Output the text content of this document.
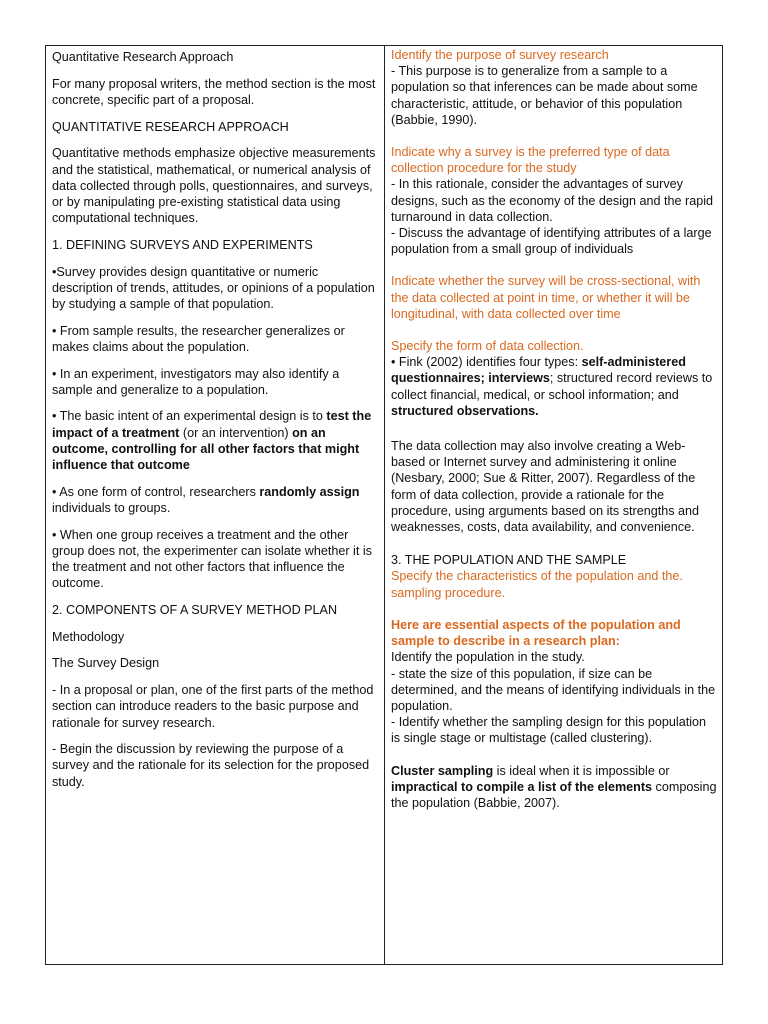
Quantitative Research Approach

For many proposal writers, the method section is the most concrete, specific part of a proposal.

QUANTITATIVE RESEARCH APPROACH

Quantitative methods emphasize objective measurements and the statistical, mathematical, or numerical analysis of data collected through polls, questionnaires, and surveys, or by manipulating pre-existing statistical data using computational techniques.

1. DEFINING SURVEYS AND EXPERIMENTS

•Survey provides design quantitative or numeric description of trends, attitudes, or opinions of a population by studying a sample of that population.

• From sample results, the researcher generalizes or makes claims about the population.

• In an experiment, investigators may also identify a sample and generalize to a population.

• The basic intent of an experimental design is to test the impact of a treatment (or an intervention) on an outcome, controlling for all other factors that might influence that outcome

• As one form of control, researchers randomly assign individuals to groups.

• When one group receives a treatment and the other group does not, the experimenter can isolate whether it is the treatment and not other factors that influence the outcome.

2. COMPONENTS OF A SURVEY METHOD PLAN

Methodology

The Survey Design

- In a proposal or plan, one of the first parts of the method section can introduce readers to the basic purpose and rationale for survey research.

- Begin the discussion by reviewing the purpose of a survey and the rationale for its selection for the proposed study.

Identify the purpose of survey research

- This purpose is to generalize from a sample to a population so that inferences can be made about some characteristic, attitude, or behavior of this population (Babbie, 1990).

Indicate why a survey is the preferred type of data collection procedure for the study

- In this rationale, consider the advantages of survey designs, such as the economy of the design and the rapid turnaround in data collection.

- Discuss the advantage of identifying attributes of a large population from a small group of individuals

Indicate whether the survey will be cross-sectional, with the data collected at point in time, or whether it will be longitudinal, with data collected over time

Specify the form of data collection.

• Fink (2002) identifies four types: self-administered questionnaires; interviews; structured record reviews to collect financial, medical, or school information; and structured observations.

The data collection may also involve creating a Web-based or Internet survey and administering it online (Nesbary, 2000; Sue & Ritter, 2007). Regardless of the form of data collection, provide a rationale for the procedure, using arguments based on its strengths and weaknesses, costs, data availability, and convenience.

3. THE POPULATION AND THE SAMPLE

Specify the characteristics of the population and the. sampling procedure.

Here are essential aspects of the population and sample to describe in a research plan:

Identify the population in the study.

- state the size of this population, if size can be determined, and the means of identifying individuals in the population.

- Identify whether the sampling design for this population is single stage or multistage (called clustering).

Cluster sampling is ideal when it is impossible or impractical to compile a list of the elements composing the population (Babbie, 2007).
